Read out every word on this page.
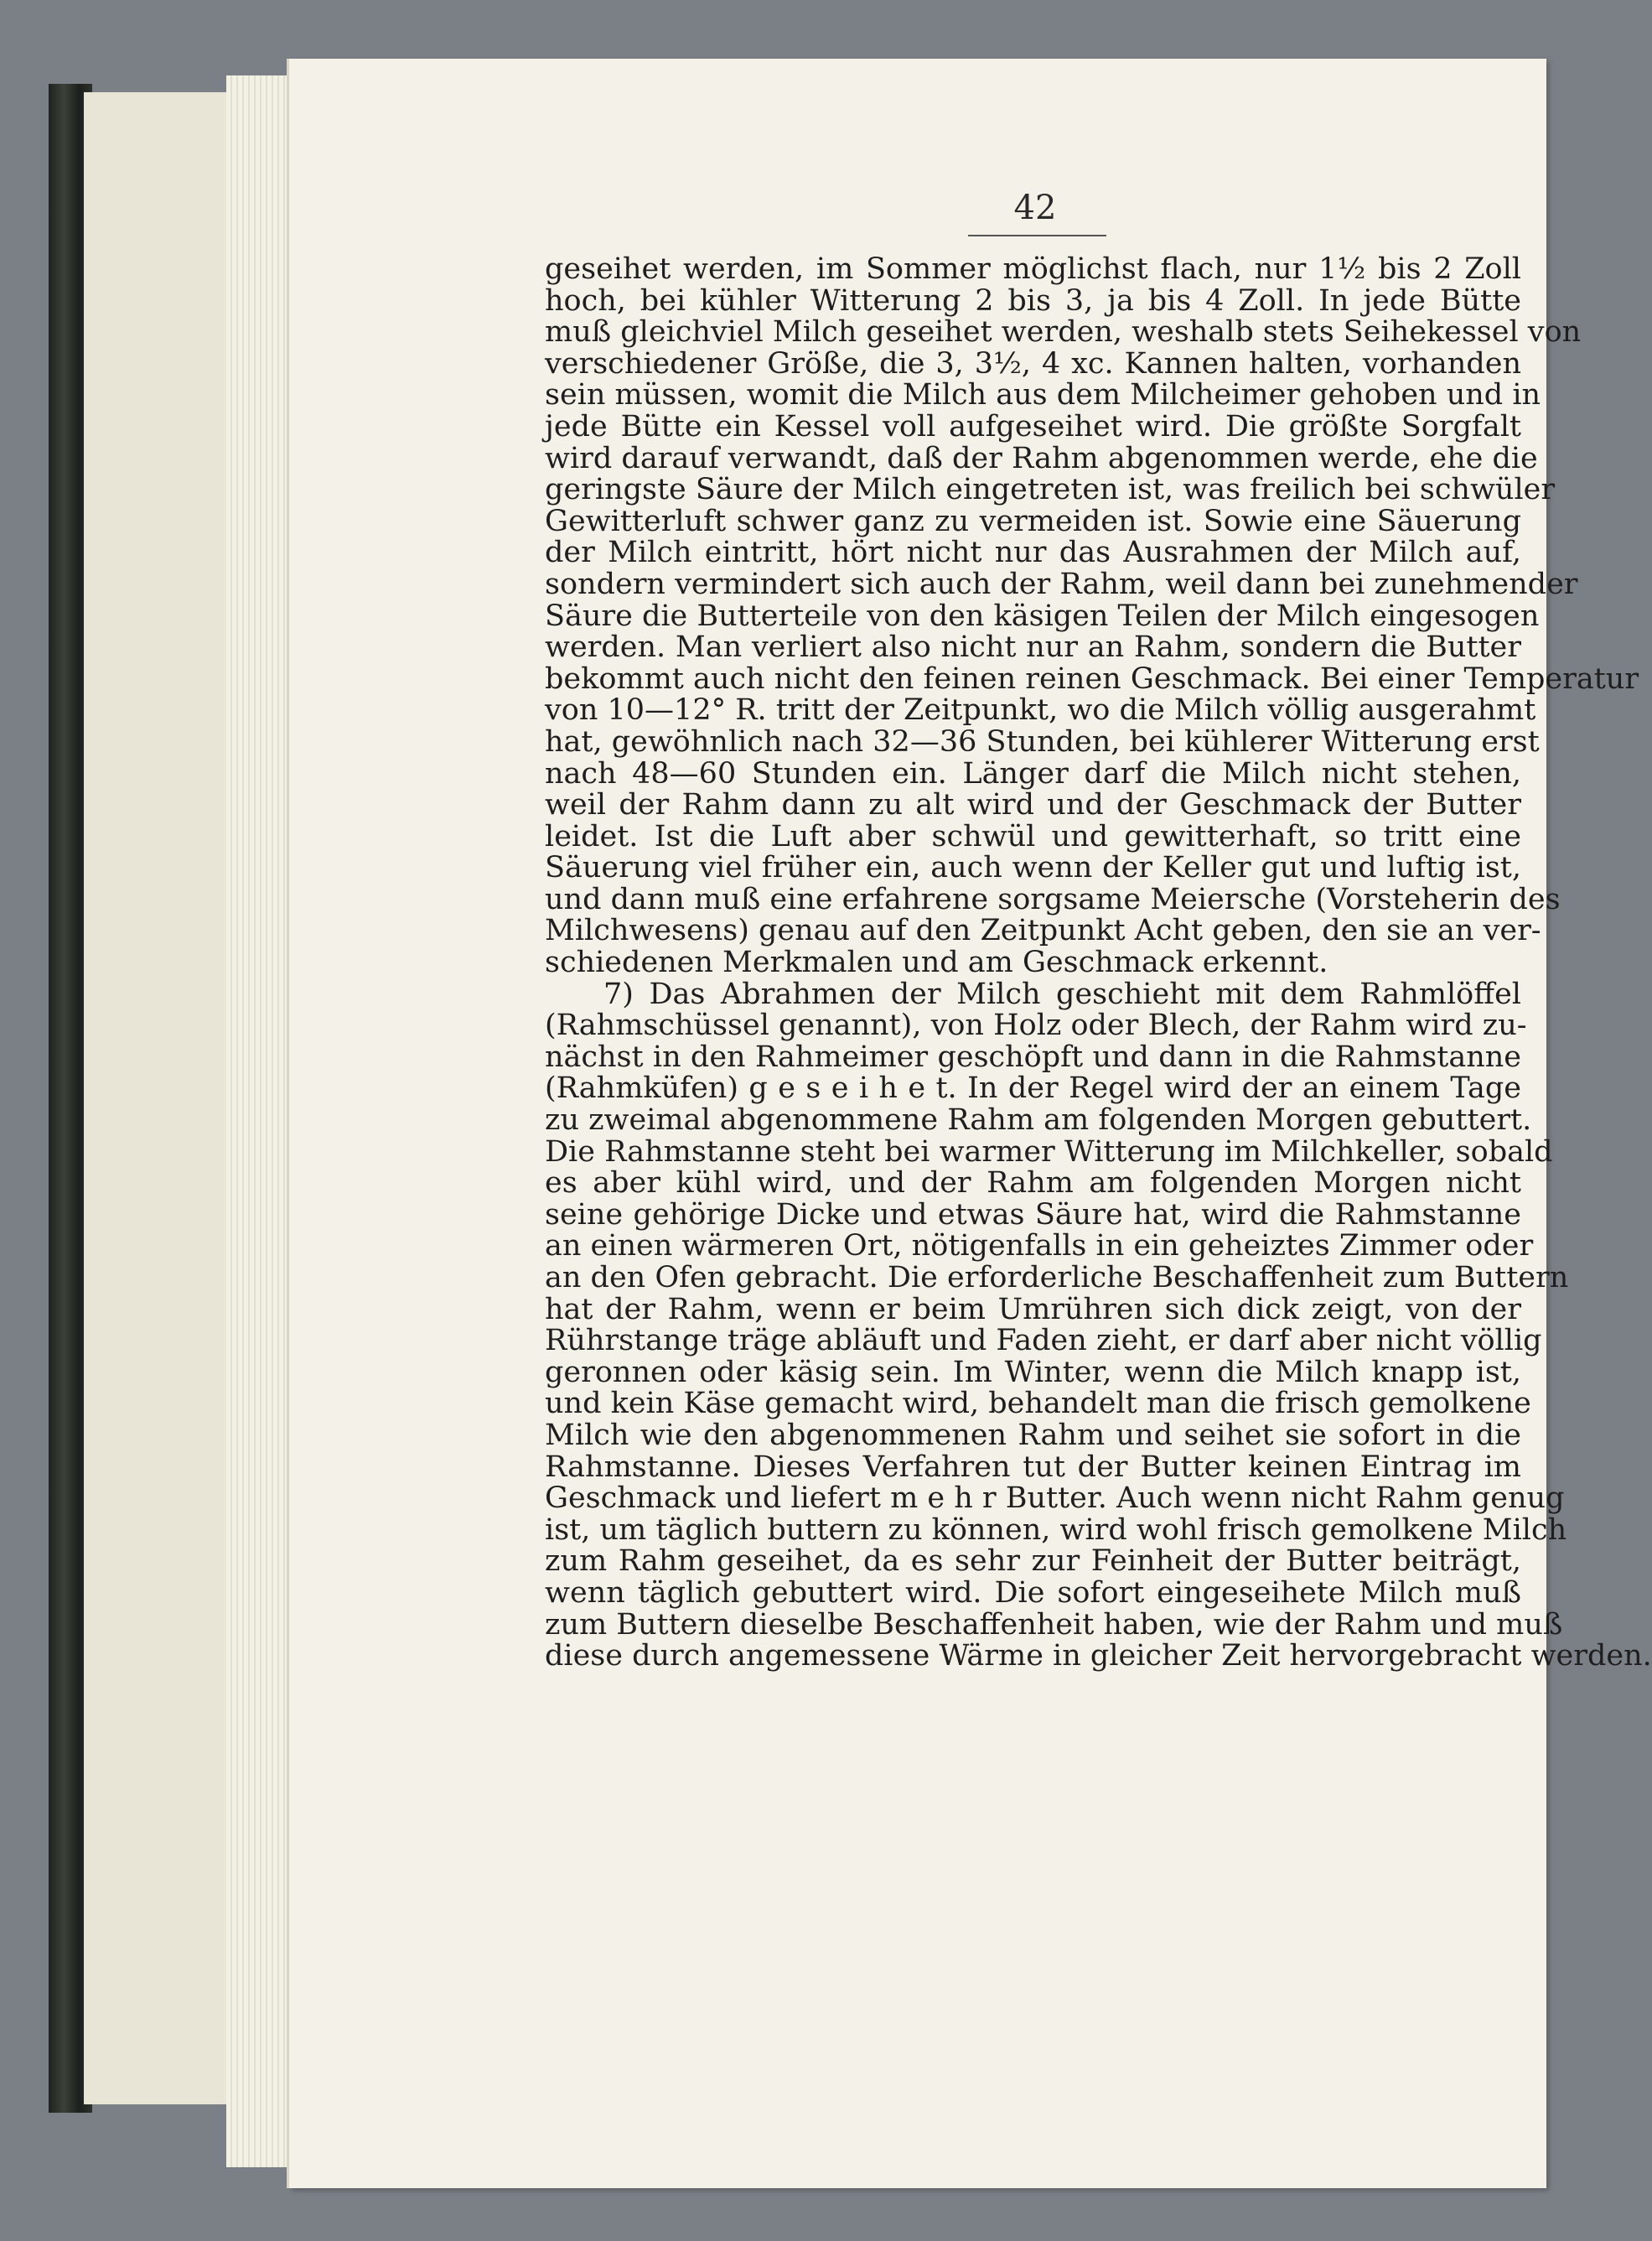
42
geseihet werden, im Sommer möglichst flach, nur 1½ bis 2 Zoll
hoch, bei kühler Witterung 2 bis 3, ja bis 4 Zoll. In jede Bütte
muß gleichviel Milch geseihet werden, weshalb stets Seihekessel von
verschiedener Größe, die 3, 3½, 4 xc. Kannen halten, vorhanden
sein müssen, womit die Milch aus dem Milcheimer gehoben und in
jede Bütte ein Kessel voll aufgeseihet wird. Die größte Sorgfalt
wird darauf verwandt, daß der Rahm abgenommen werde, ehe die
geringste Säure der Milch eingetreten ist, was freilich bei schwüler
Gewitterluft schwer ganz zu vermeiden ist. Sowie eine Säuerung
der Milch eintritt, hört nicht nur das Ausrahmen der Milch auf,
sondern vermindert sich auch der Rahm, weil dann bei zunehmender
Säure die Butterteile von den käsigen Teilen der Milch eingesogen
werden. Man verliert also nicht nur an Rahm, sondern die Butter
bekommt auch nicht den feinen reinen Geschmack. Bei einer Temperatur
von 10—12° R. tritt der Zeitpunkt, wo die Milch völlig ausgerahmt
hat, gewöhnlich nach 32—36 Stunden, bei kühlerer Witterung erst
nach 48—60 Stunden ein. Länger darf die Milch nicht stehen,
weil der Rahm dann zu alt wird und der Geschmack der Butter
leidet. Ist die Luft aber schwül und gewitterhaft, so tritt eine
Säuerung viel früher ein, auch wenn der Keller gut und luftig ist,
und dann muß eine erfahrene sorgsame Meiersche (Vorsteherin des
Milchwesens) genau auf den Zeitpunkt Acht geben, den sie an ver-
schiedenen Merkmalen und am Geschmack erkennt.
  7) Das Abrahmen der Milch geschieht mit dem Rahmlöffel
(Rahmschüssel genannt), von Holz oder Blech, der Rahm wird zu-
nächst in den Rahmeimer geschöpft und dann in die Rahmstanne
(Rahmküfen) g e s e i h e t. In der Regel wird der an einem Tage
zu zweimal abgenommene Rahm am folgenden Morgen gebuttert.
Die Rahmstanne steht bei warmer Witterung im Milchkeller, sobald
es aber kühl wird, und der Rahm am folgenden Morgen nicht
seine gehörige Dicke und etwas Säure hat, wird die Rahmstanne
an einen wärmeren Ort, nötigenfalls in ein geheiztes Zimmer oder
an den Ofen gebracht. Die erforderliche Beschaffenheit zum Buttern
hat der Rahm, wenn er beim Umrühren sich dick zeigt, von der
Rührstange träge abläuft und Faden zieht, er darf aber nicht völlig
geronnen oder käsig sein. Im Winter, wenn die Milch knapp ist,
und kein Käse gemacht wird, behandelt man die frisch gemolkene
Milch wie den abgenommenen Rahm und seihet sie sofort in die
Rahmstanne. Dieses Verfahren tut der Butter keinen Eintrag im
Geschmack und liefert m e h r Butter. Auch wenn nicht Rahm genug
ist, um täglich buttern zu können, wird wohl frisch gemolkene Milch
zum Rahm geseihet, da es sehr zur Feinheit der Butter beiträgt,
wenn täglich gebuttert wird. Die sofort eingeseihete Milch muß
zum Buttern dieselbe Beschaffenheit haben, wie der Rahm und muß
diese durch angemessene Wärme in gleicher Zeit hervorgebracht werden.
